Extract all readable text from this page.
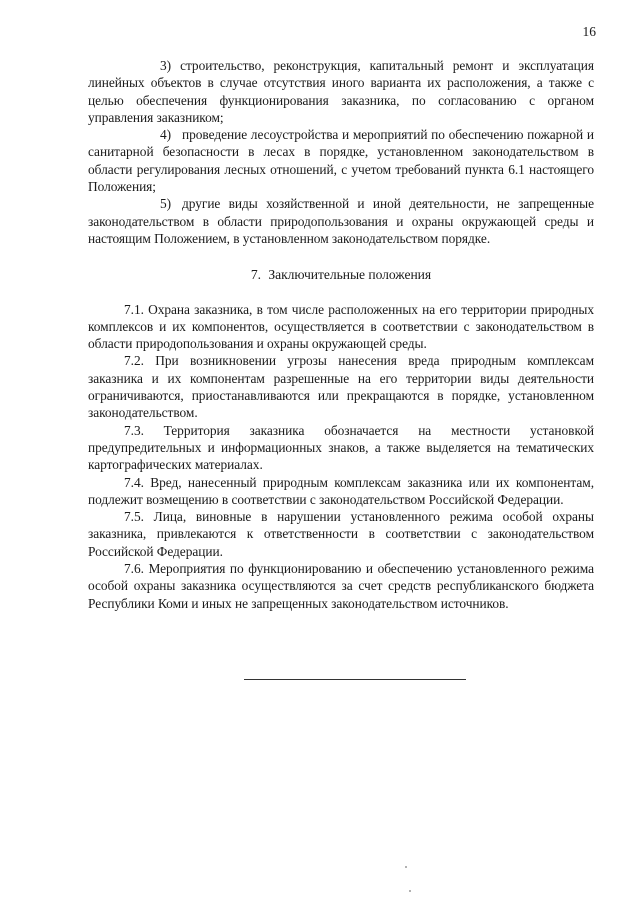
16

3) строительство, реконструкция, капитальный ремонт и эксплуатация линейных объектов в случае отсутствия иного варианта их расположения, а также с целью обеспечения функционирования заказника, по согласованию с органом управления заказником;

4) проведение лесоустройства и мероприятий по обеспечению пожарной и санитарной безопасности в лесах в порядке, установленном законодательством в области регулирования лесных отношений, с учетом требований пункта 6.1 настоящего Положения;

5) другие виды хозяйственной и иной деятельности, не запрещенные законодательством в области природопользования и охраны окружающей среды и настоящим Положением, в установленном законодательством порядке.

7. Заключительные положения

7.1. Охрана заказника, в том числе расположенных на его территории природных комплексов и их компонентов, осуществляется в соответствии с законодательством в области природопользования и охраны окружающей среды.

7.2. При возникновении угрозы нанесения вреда природным комплексам заказника и их компонентам разрешенные на его территории виды деятельности ограничиваются, приостанавливаются или прекращаются в порядке, установленном законодательством.

7.3. Территория заказника обозначается на местности установкой предупредительных и информационных знаков, а также выделяется на тематических картографических материалах.

7.4. Вред, нанесенный природным комплексам заказника или их компонентам, подлежит возмещению в соответствии с законодательством Российской Федерации.

7.5. Лица, виновные в нарушении установленного режима особой охраны заказника, привлекаются к ответственности в соответствии с законодательством Российской Федерации.

7.6. Мероприятия по функционированию и обеспечению установленного режима особой охраны заказника осуществляются за счет средств республиканского бюджета Республики Коми и иных не запрещенных законодательством источников.
